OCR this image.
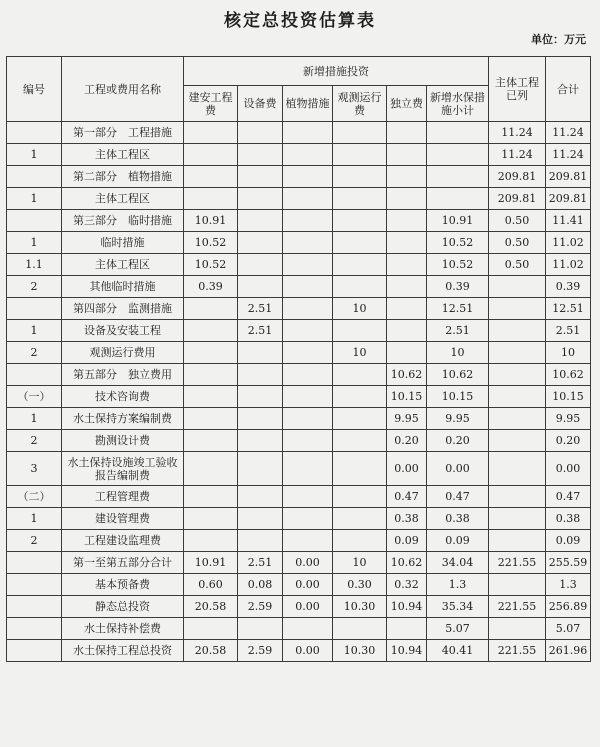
核定总投资估算表
单位：万元
编号	工程或费用名称	新增措施投资						主体工程已列	合计
		建安工程费	设备费	植物措施	观测运行费	独立费	新增水保措施小计		
	第一部分　工程措施							11.24	11.24
1	主体工程区							11.24	11.24
	第二部分　植物措施							209.81	209.81
1	主体工程区							209.81	209.81
	第三部分　临时措施	10.91					10.91	0.50	11.41
1	临时措施	10.52					10.52	0.50	11.02
1.1	主体工程区	10.52					10.52	0.50	11.02
2	其他临时措施	0.39					0.39		0.39
	第四部分　监测措施		2.51		10		12.51		12.51
1	设备及安装工程		2.51				2.51		2.51
2	观测运行费用				10		10		10
	第五部分　独立费用					10.62	10.62		10.62
（一）	技术咨询费					10.15	10.15		10.15
1	水土保持方案编制费					9.95	9.95		9.95
2	勘测设计费					0.20	0.20		0.20
3	水土保持设施竣工验收报告编制费					0.00	0.00		0.00
（二）	工程管理费					0.47	0.47		0.47
1	建设管理费					0.38	0.38		0.38
2	工程建设监理费					0.09	0.09		0.09
	第一至第五部分合计	10.91	2.51	0.00	10	10.62	34.04	221.55	255.59
	基本预备费	0.60	0.08	0.00	0.30	0.32	1.3		1.3
	静态总投资	20.58	2.59	0.00	10.30	10.94	35.34	221.55	256.89
	水土保持补偿费						5.07		5.07
	水土保持工程总投资	20.58	2.59	0.00	10.30	10.94	40.41	221.55	261.96
